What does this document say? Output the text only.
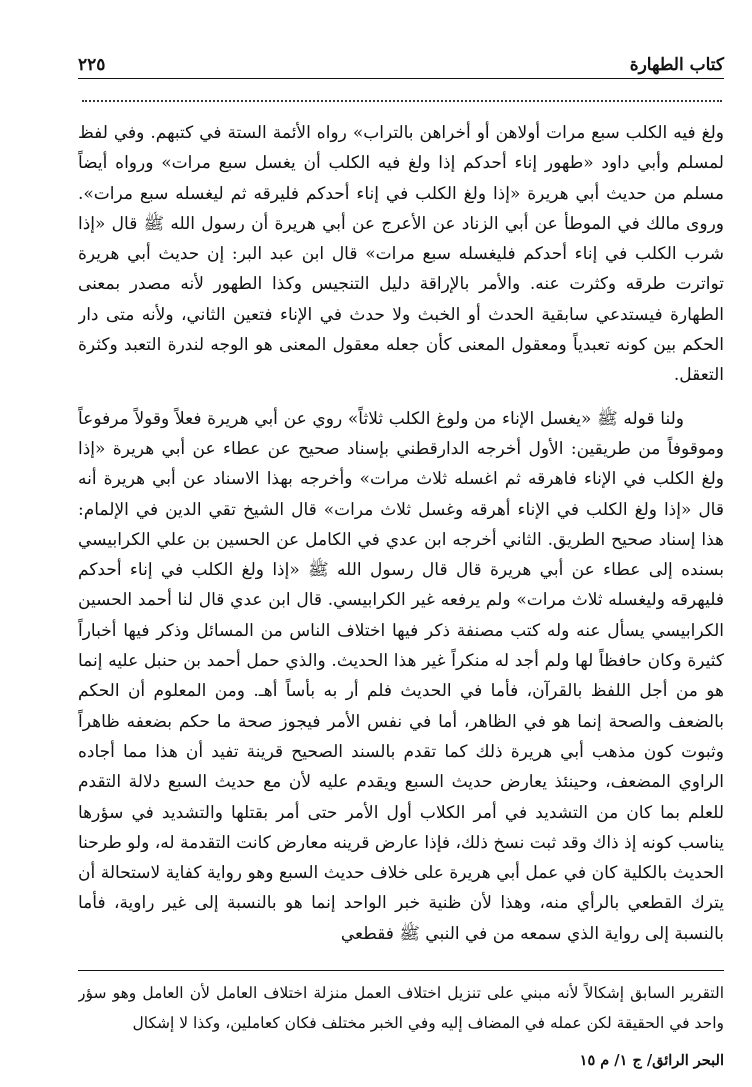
كتاب الطهارة
٢٢٥

ولغ فيه الكلب سبع مرات أولاهن أو أخراهن بالتراب» رواه الأئمة الستة في كتبهم. وفي لفظ لمسلم وأبي داود «طهور إناء أحدكم إذا ولغ فيه الكلب أن يغسل سبع مرات» ورواه أيضاً مسلم من حديث أبي هريرة «إذا ولغ الكلب في إناء أحدكم فليرقه ثم ليغسله سبع مرات». وروى مالك في الموطأ عن أبي الزناد عن الأعرج عن أبي هريرة أن رسول الله ﷺ قال «إذا شرب الكلب في إناء أحدكم فليغسله سبع مرات» قال ابن عبد البر: إن حديث أبي هريرة تواترت طرقه وكثرت عنه. والأمر بالإراقة دليل التنجيس وكذا الطهور لأنه مصدر بمعنى الطهارة فيستدعي سابقية الحدث أو الخبث ولا حدث في الإناء فتعين الثاني، ولأنه متى دار الحكم بين كونه تعبدياً ومعقول المعنى كأن جعله معقول المعنى هو الوجه لندرة التعبد وكثرة التعقل.

ولنا قوله ﷺ «يغسل الإناء من ولوغ الكلب ثلاثاً» روي عن أبي هريرة فعلاً وقولاً مرفوعاً وموقوفاً من طريقين: الأول أخرجه الدارقطني بإسناد صحيح عن عطاء عن أبي هريرة «إذا ولغ الكلب في الإناء فاهرقه ثم اغسله ثلاث مرات» وأخرجه بهذا الاسناد عن أبي هريرة أنه قال «إذا ولغ الكلب في الإناء أهرقه وغسل ثلاث مرات» قال الشيخ تقي الدين في الإلمام: هذا إسناد صحيح الطريق. الثاني أخرجه ابن عدي في الكامل عن الحسين بن علي الكرابيسي بسنده إلى عطاء عن أبي هريرة قال قال رسول الله ﷺ «إذا ولغ الكلب في إناء أحدكم فليهرقه وليغسله ثلاث مرات» ولم يرفعه غير الكرابيسي. قال ابن عدي قال لنا أحمد الحسين الكرابيسي يسأل عنه وله كتب مصنفة ذكر فيها اختلاف الناس من المسائل وذكر فيها أخباراً كثيرة وكان حافظاً لها ولم أجد له منكراً غير هذا الحديث. والذي حمل أحمد بن حنبل عليه إنما هو من أجل اللفظ بالقرآن، فأما في الحديث فلم أر به بأساً أهـ. ومن المعلوم أن الحكم بالضعف والصحة إنما هو في الظاهر، أما في نفس الأمر فيجوز صحة ما حكم بضعفه ظاهراً وثبوت كون مذهب أبي هريرة ذلك كما تقدم بالسند الصحيح قرينة تفيد أن هذا مما أجاده الراوي المضعف، وحينئذ يعارض حديث السبع ويقدم عليه لأن مع حديث السبع دلالة التقدم للعلم بما كان من التشديد في أمر الكلاب أول الأمر حتى أمر بقتلها والتشديد في سؤرها يناسب كونه إذ ذاك وقد ثبت نسخ ذلك، فإذا عارض قرينه معارض كانت التقدمة له، ولو طرحنا الحديث بالكلية كان في عمل أبي هريرة على خلاف حديث السبع وهو رواية كفاية لاستحالة أن يترك القطعي بالرأي منه، وهذا لأن ظنية خبر الواحد إنما هو بالنسبة إلى غير راوية، فأما بالنسبة إلى رواية الذي سمعه من في النبي ﷺ فقطعي

التقرير السابق إشكالاً لأنه مبني على تنزيل اختلاف العمل منزلة اختلاف العامل لأن العامل وهو سؤر واحد في الحقيقة لكن عمله في المضاف إليه وفي الخبر مختلف فكان كعاملين، وكذا لا إشكال
البحر الرائق/ ج ١/ م ١٥
